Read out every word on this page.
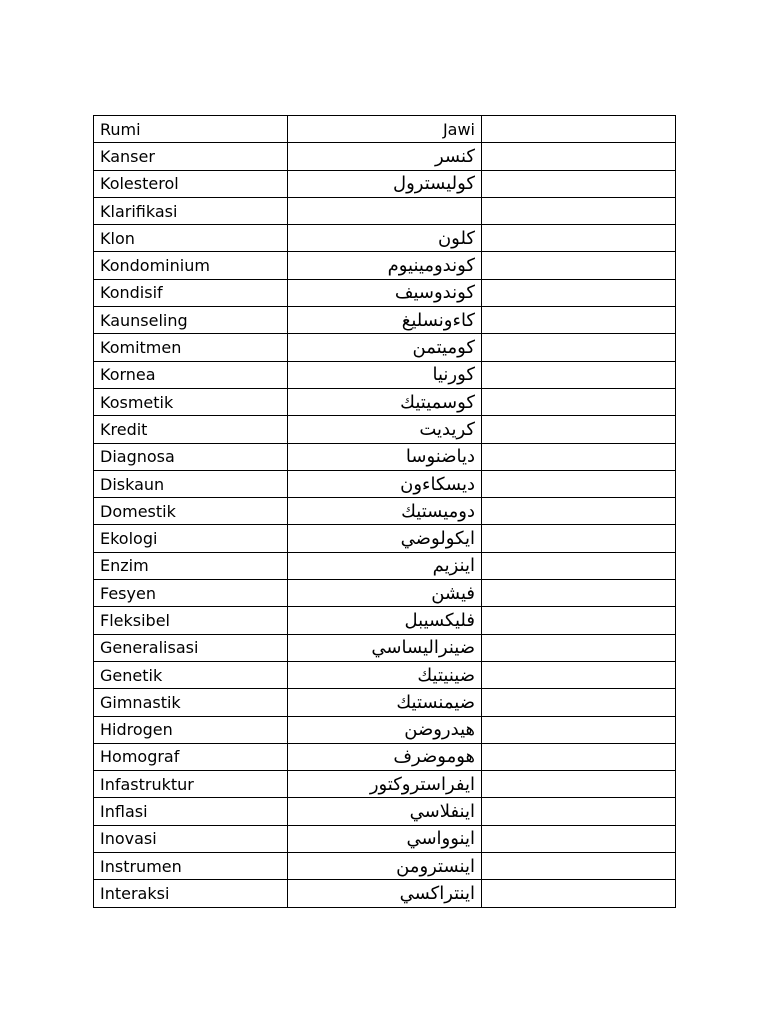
Rumi	Jawi	
Kanser	كنسر	
Kolesterol	كوليسترول	
Klarifikasi		
Klon	كلون	
Kondominium	كوندومينيوم	
Kondisif	كوندوسيف	
Kaunseling	كاءونسليغ	
Komitmen	كوميتمن	
Kornea	كورنيا	
Kosmetik	كوسميتيك	
Kredit	كريديت	
Diagnosa	دياضنوسا	
Diskaun	ديسكاءون	
Domestik	دوميستيك	
Ekologi	ايكولوضي	
Enzim	اينزيم	
Fesyen	فيشن	
Fleksibel	فليكسيبل	
Generalisasi	ضينراليساسي	
Genetik	ضينيتيك	
Gimnastik	ضيمنستيك	
Hidrogen	هيدروضن	
Homograf	هوموضرف	
Infastruktur	ايفراستروكتور	
Inflasi	اينفلاسي	
Inovasi	اينوواسي	
Instrumen	اينسترومن	
Interaksi	اينتراكسي	
